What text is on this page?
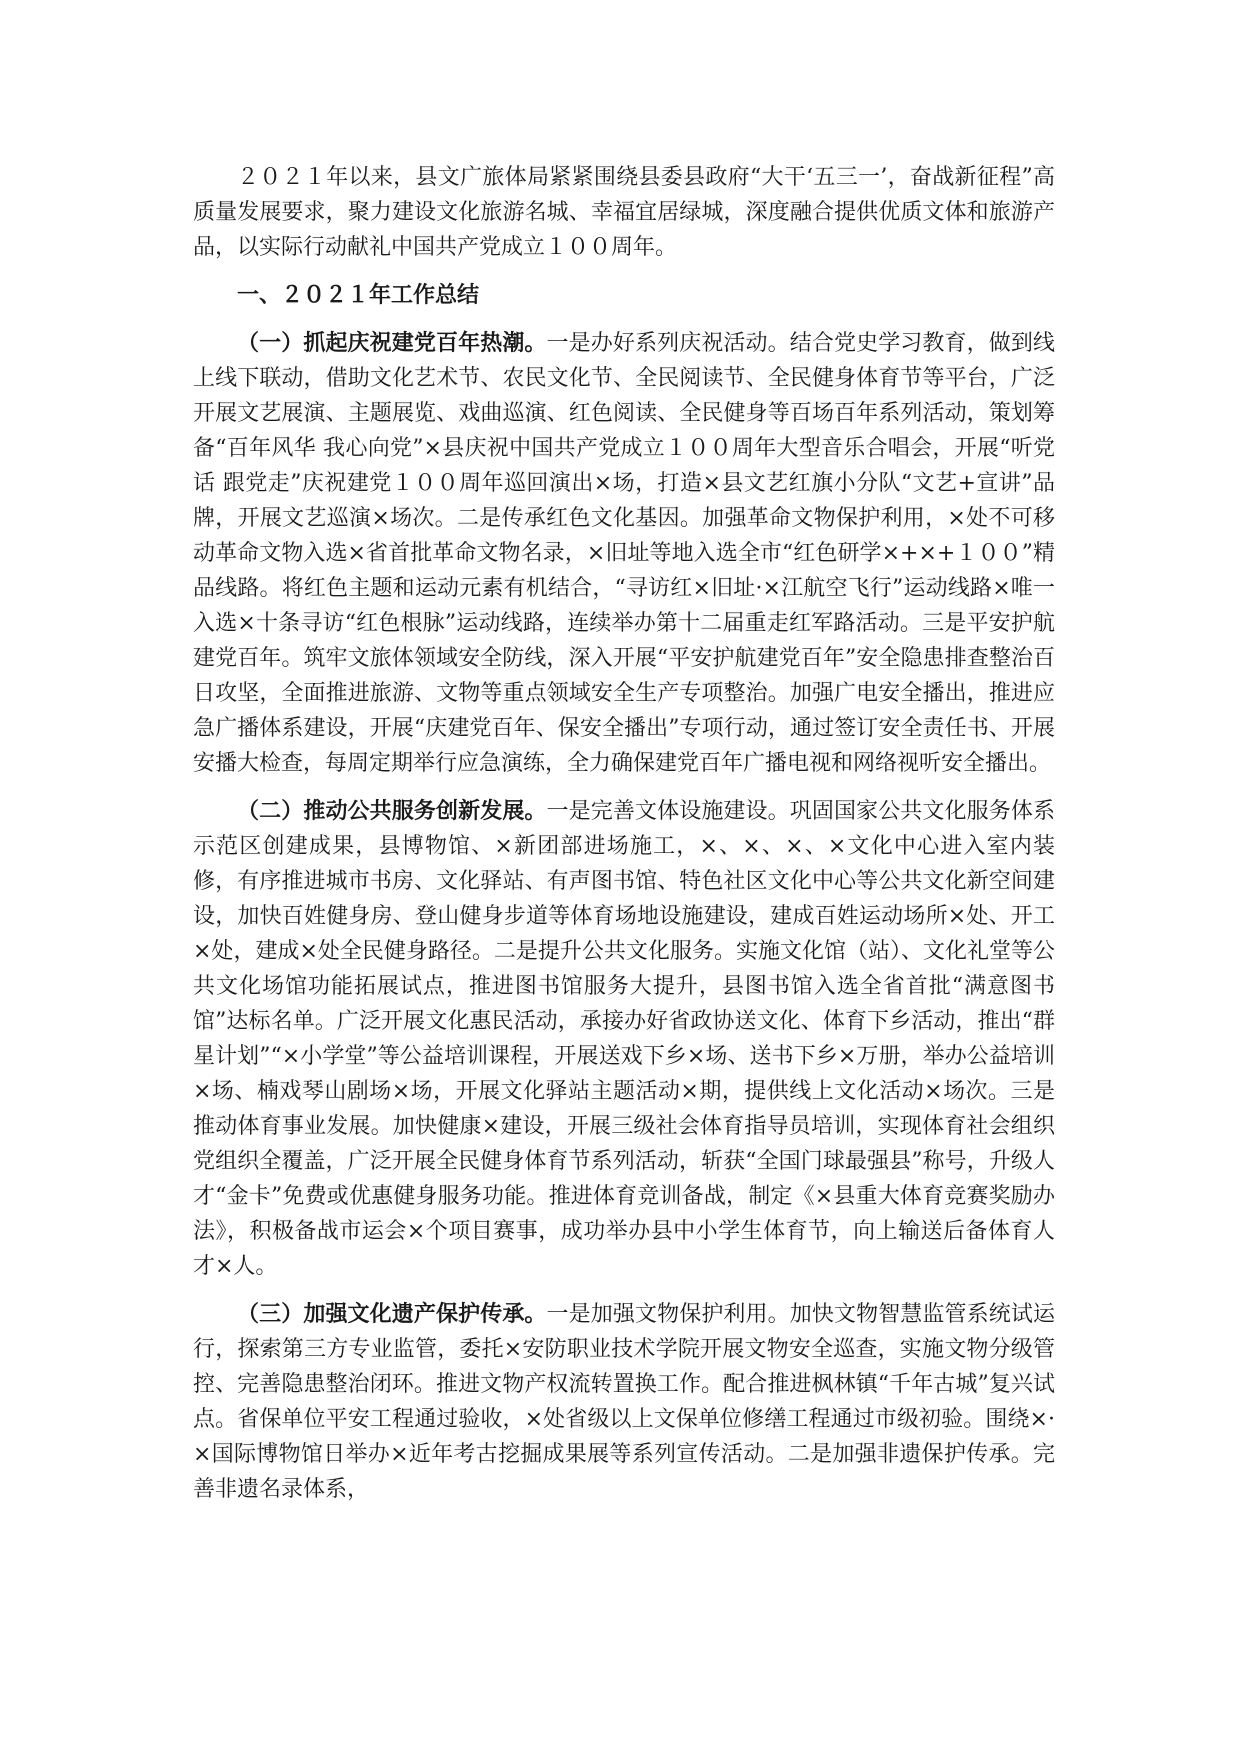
２０２１年以来，县文广旅体局紧紧围绕县委县政府“大干‘五三一’，奋战新征程”高质量发展要求，聚力建设文化旅游名城、幸福宜居绿城，深度融合提供优质文体和旅游产品，以实际行动献礼中国共产党成立１００周年。

一、２０２１年工作总结

（一）抓起庆祝建党百年热潮。一是办好系列庆祝活动。结合党史学习教育，做到线上线下联动，借助文化艺术节、农民文化节、全民阅读节、全民健身体育节等平台，广泛开展文艺展演、主题展览、戏曲巡演、红色阅读、全民健身等百场百年系列活动，策划筹备“百年风华 我心向党”×县庆祝中国共产党成立１００周年大型音乐合唱会，开展“听党话 跟党走”庆祝建党１００周年巡回演出×场，打造×县文艺红旗小分队“文艺+宣讲”品牌，开展文艺巡演×场次。二是传承红色文化基因。加强革命文物保护利用，×处不可移动革命文物入选×省首批革命文物名录，×旧址等地入选全市“红色研学×+×+１００”精品线路。将红色主题和运动元素有机结合，“寻访红×旧址·×江航空飞行”运动线路×唯一入选×十条寻访“红色根脉”运动线路，连续举办第十二届重走红军路活动。三是平安护航建党百年。筑牢文旅体领域安全防线，深入开展“平安护航建党百年”安全隐患排查整治百日攻坚，全面推进旅游、文物等重点领域安全生产专项整治。加强广电安全播出，推进应急广播体系建设，开展“庆建党百年、保安全播出”专项行动，通过签订安全责任书、开展安播大检查，每周定期举行应急演练，全力确保建党百年广播电视和网络视听安全播出。

（二）推动公共服务创新发展。一是完善文体设施建设。巩固国家公共文化服务体系示范区创建成果，县博物馆、×新团部进场施工，×、×、×、×文化中心进入室内装修，有序推进城市书房、文化驿站、有声图书馆、特色社区文化中心等公共文化新空间建设，加快百姓健身房、登山健身步道等体育场地设施建设，建成百姓运动场所×处、开工×处，建成×处全民健身路径。二是提升公共文化服务。实施文化馆（站）、文化礼堂等公共文化场馆功能拓展试点，推进图书馆服务大提升，县图书馆入选全省首批“满意图书馆”达标名单。广泛开展文化惠民活动，承接办好省政协送文化、体育下乡活动，推出“群星计划”“×小学堂”等公益培训课程，开展送戏下乡×场、送书下乡×万册，举办公益培训×场、楠戏琴山剧场×场，开展文化驿站主题活动×期，提供线上文化活动×场次。三是推动体育事业发展。加快健康×建设，开展三级社会体育指导员培训，实现体育社会组织党组织全覆盖，广泛开展全民健身体育节系列活动，斩获“全国门球最强县”称号，升级人才“金卡”免费或优惠健身服务功能。推进体育竞训备战，制定《×县重大体育竞赛奖励办法》，积极备战市运会×个项目赛事，成功举办县中小学生体育节，向上输送后备体育人才×人。

（三）加强文化遗产保护传承。一是加强文物保护利用。加快文物智慧监管系统试运行，探索第三方专业监管，委托×安防职业技术学院开展文物安全巡查，实施文物分级管控、完善隐患整治闭环。推进文物产权流转置换工作。配合推进枫林镇“千年古城”复兴试点。省保单位平安工程通过验收，×处省级以上文保单位修缮工程通过市级初验。围绕×·×国际博物馆日举办×近年考古挖掘成果展等系列宣传活动。二是加强非遗保护传承。完善非遗名录体系，
